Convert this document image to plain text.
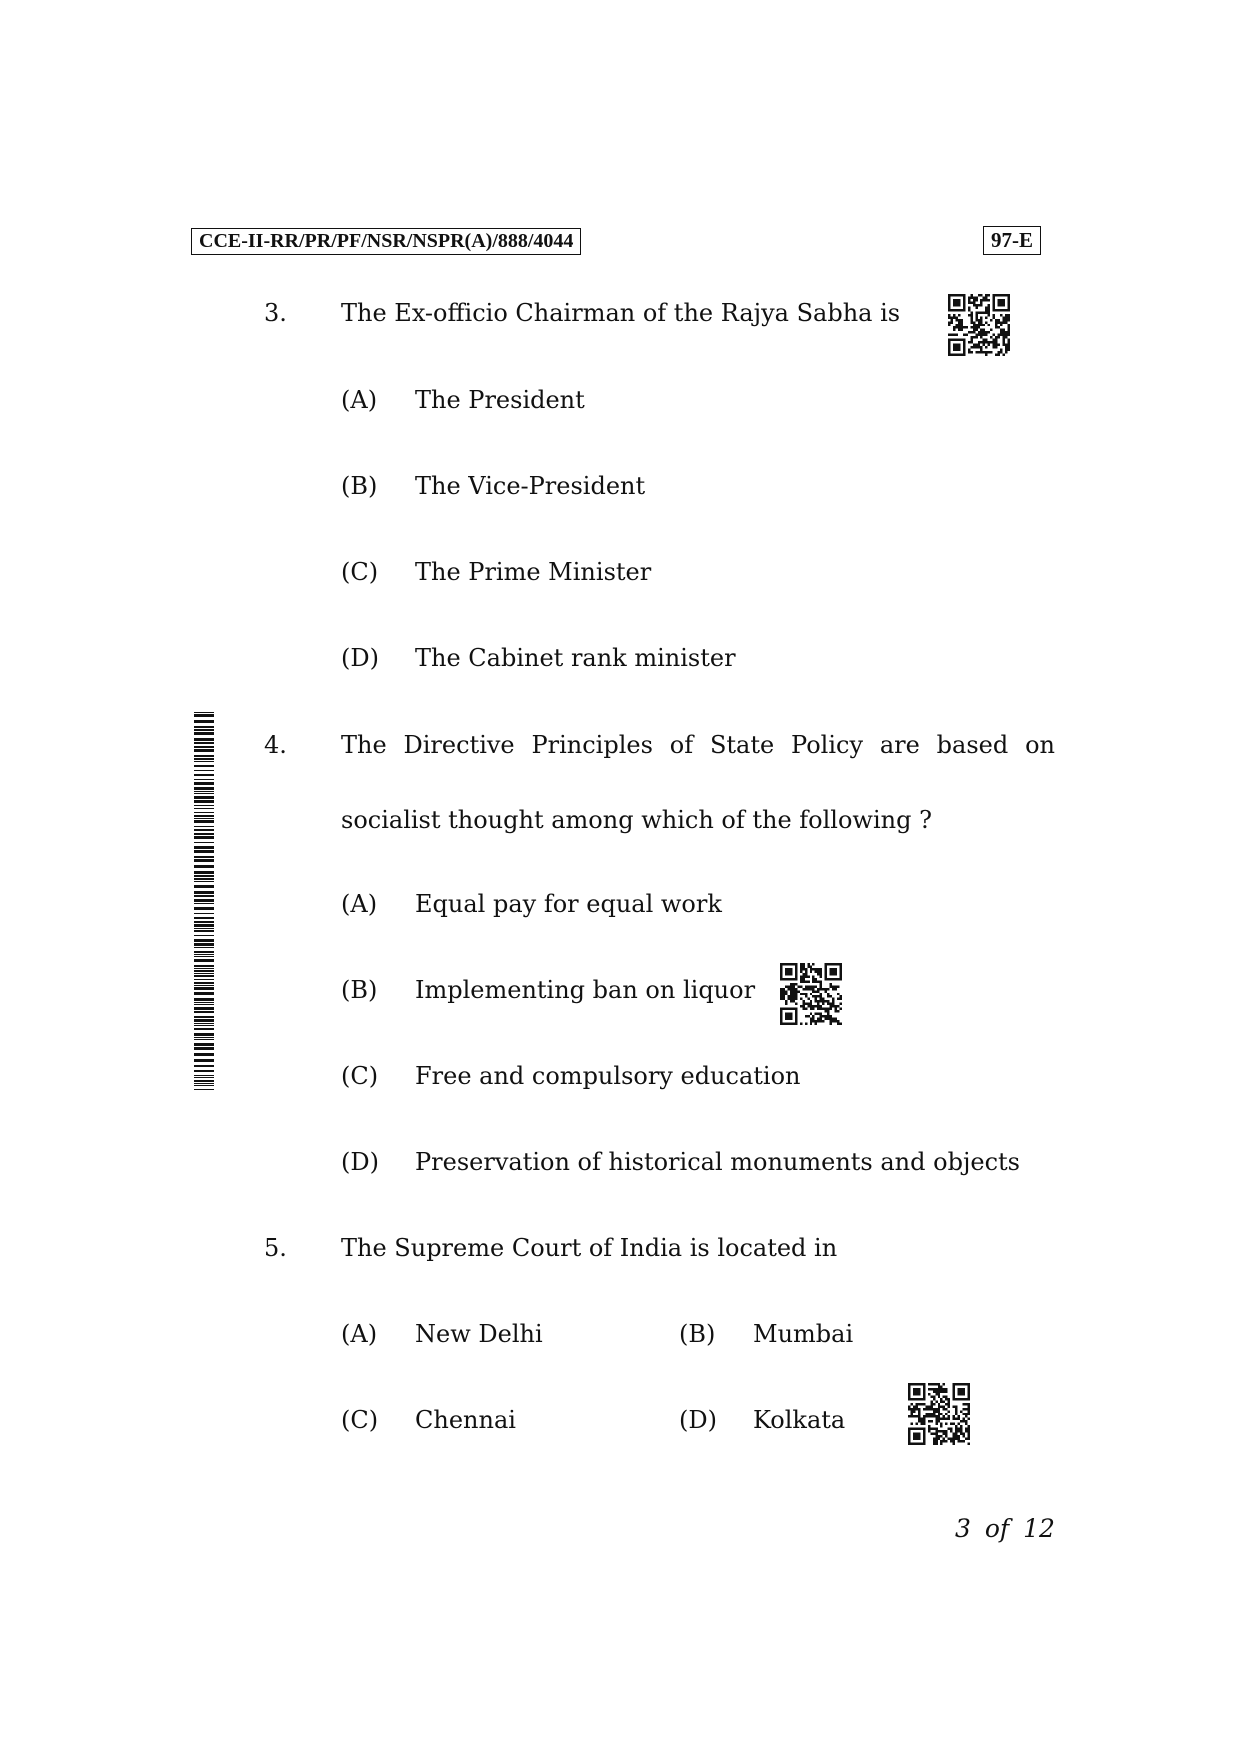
CCE-II-RR/PR/PF/NSR/NSPR(A)/888/4044	97-E
3. The Ex-officio Chairman of the Rajya Sabha is
(A) The President
(B) The Vice-President
(C) The Prime Minister
(D) The Cabinet rank minister
4. The Directive Principles of State Policy are based on
socialist thought among which of the following ?
(A) Equal pay for equal work
(B) Implementing ban on liquor
(C) Free and compulsory education
(D) Preservation of historical monuments and objects
5. The Supreme Court of India is located in
(A) New Delhi	(B) Mumbai
(C) Chennai	(D) Kolkata
3 of 12
